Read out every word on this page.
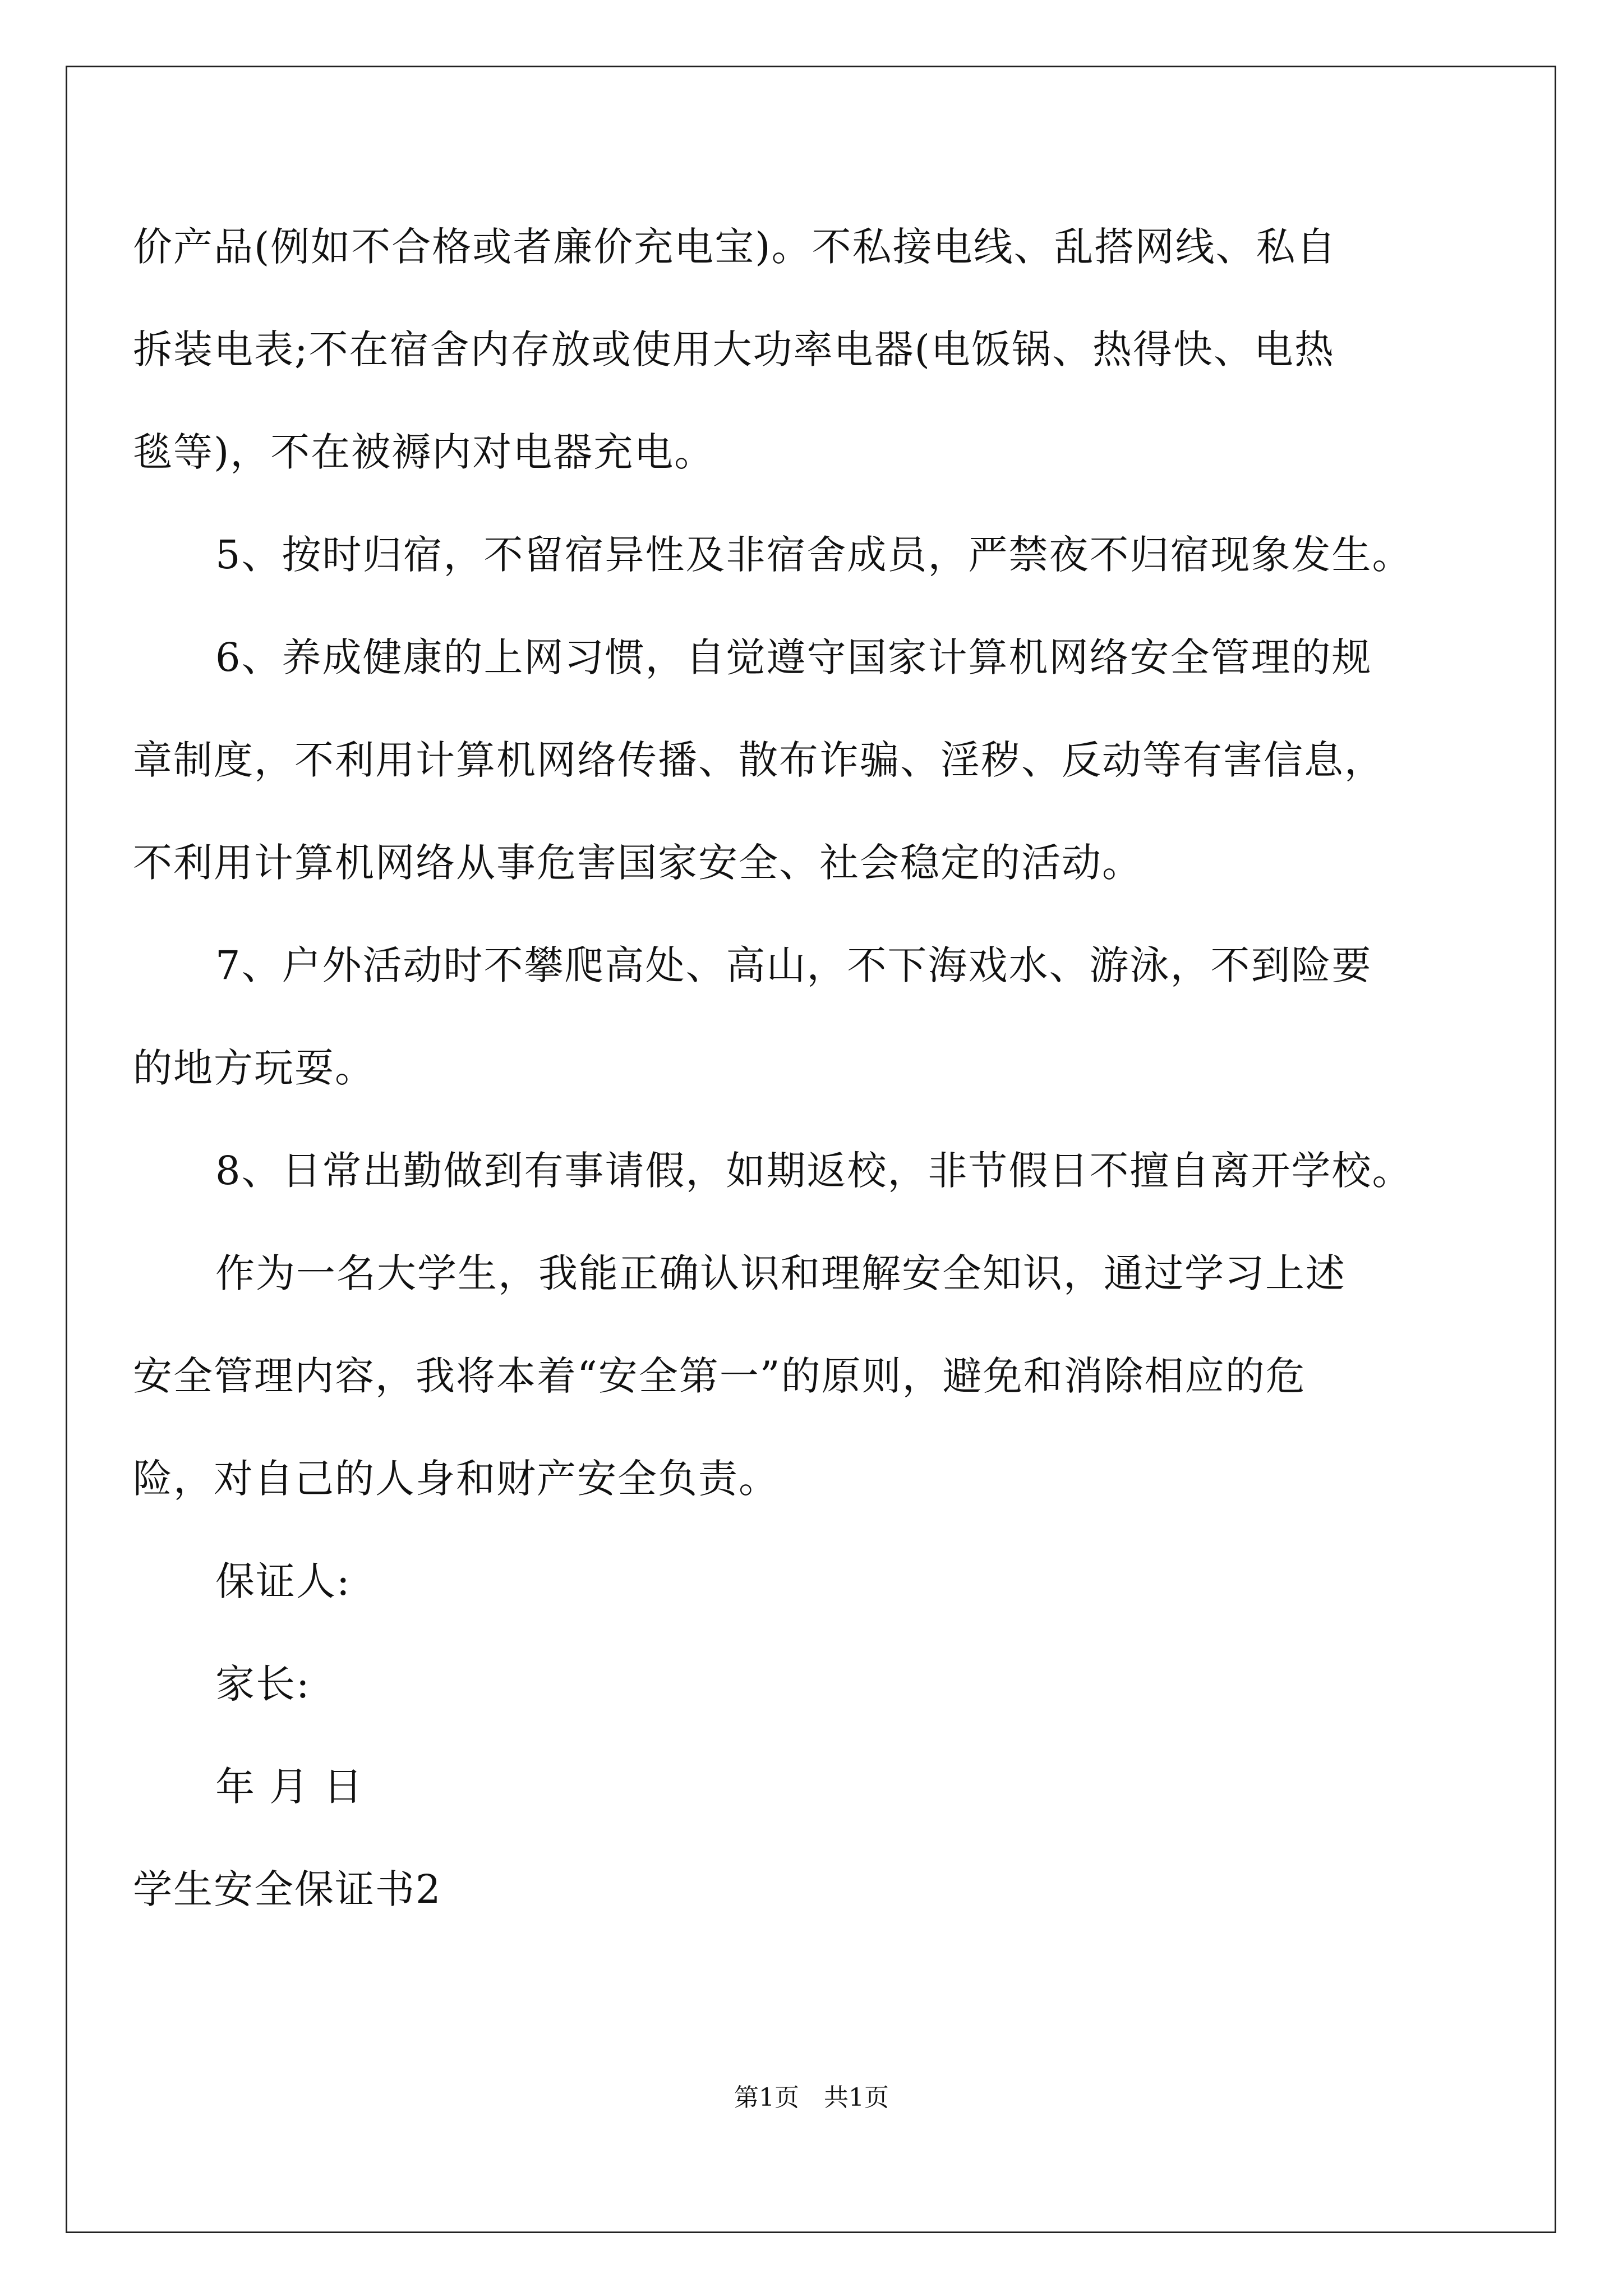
价产品(例如不合格或者廉价充电宝)。不私接电线、乱搭网线、私自
拆装电表;不在宿舍内存放或使用大功率电器(电饭锅、热得快、电热
毯等)，不在被褥内对电器充电。
5、按时归宿，不留宿异性及非宿舍成员，严禁夜不归宿现象发生。
6、养成健康的上网习惯，自觉遵守国家计算机网络安全管理的规
章制度，不利用计算机网络传播、散布诈骗、淫秽、反动等有害信息，
不利用计算机网络从事危害国家安全、社会稳定的活动。
7、户外活动时不攀爬高处、高山，不下海戏水、游泳，不到险要
的地方玩耍。
8、日常出勤做到有事请假，如期返校，非节假日不擅自离开学校。
作为一名大学生，我能正确认识和理解安全知识，通过学习上述
安全管理内容，我将本着“安全第一”的原则，避免和消除相应的危
险，对自己的人身和财产安全负责。
保证人:
家长:
年 月 日
学生安全保证书2
第1页　共1页
